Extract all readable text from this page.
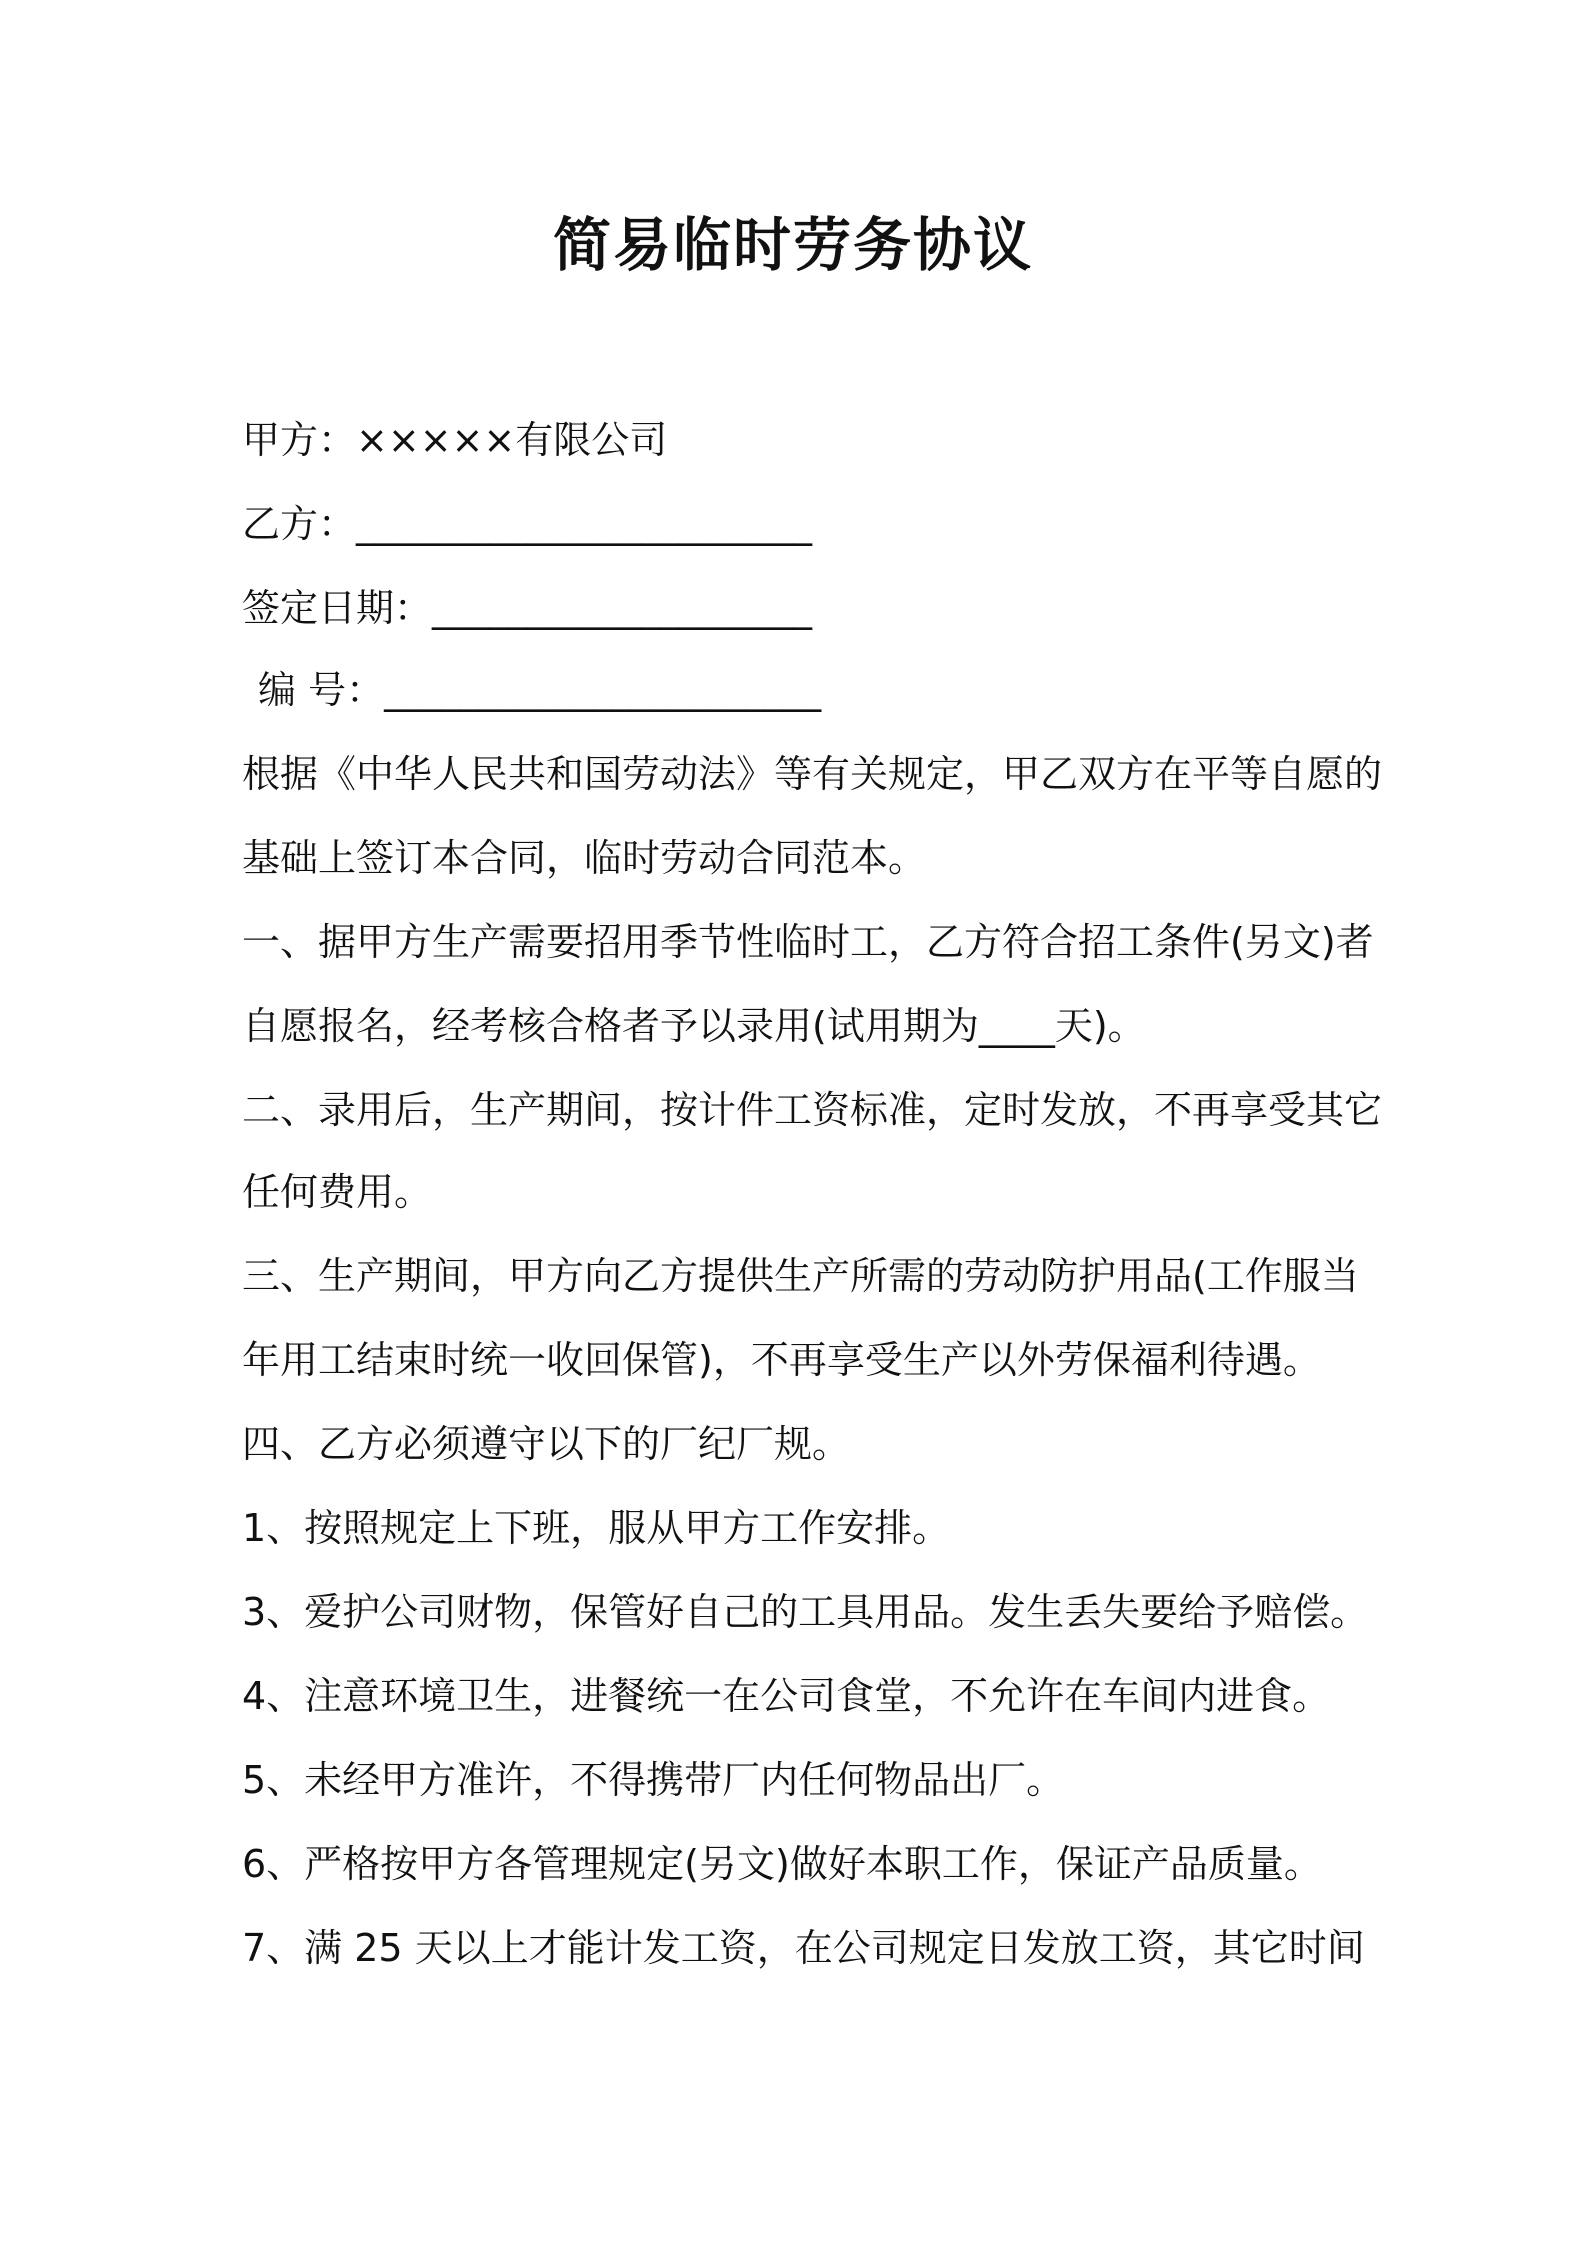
简易临时劳务协议
甲方：×××××有限公司
乙方：________________________
签定日期：____________________
编 号：_______________________

根据《中华人民共和国劳动法》等有关规定，甲乙双方在平等自愿的

基础上签订本合同，临时劳动合同范本。

一、据甲方生产需要招用季节性临时工，乙方符合招工条件(另文)者

自愿报名，经考核合格者予以录用(试用期为____天)。

二、录用后，生产期间，按计件工资标准，定时发放，不再享受其它

任何费用。

三、生产期间，甲方向乙方提供生产所需的劳动防护用品(工作服当

年用工结束时统一收回保管)，不再享受生产以外劳保福利待遇。

四、乙方必须遵守以下的厂纪厂规。

1、按照规定上下班，服从甲方工作安排。

3、爱护公司财物，保管好自己的工具用品。发生丢失要给予赔偿。

4、注意环境卫生，进餐统一在公司食堂，不允许在车间内进食。

5、未经甲方准许，不得携带厂内任何物品出厂。

6、严格按甲方各管理规定(另文)做好本职工作，保证产品质量。

7、满 25 天以上才能计发工资，在公司规定日发放工资，其它时间
